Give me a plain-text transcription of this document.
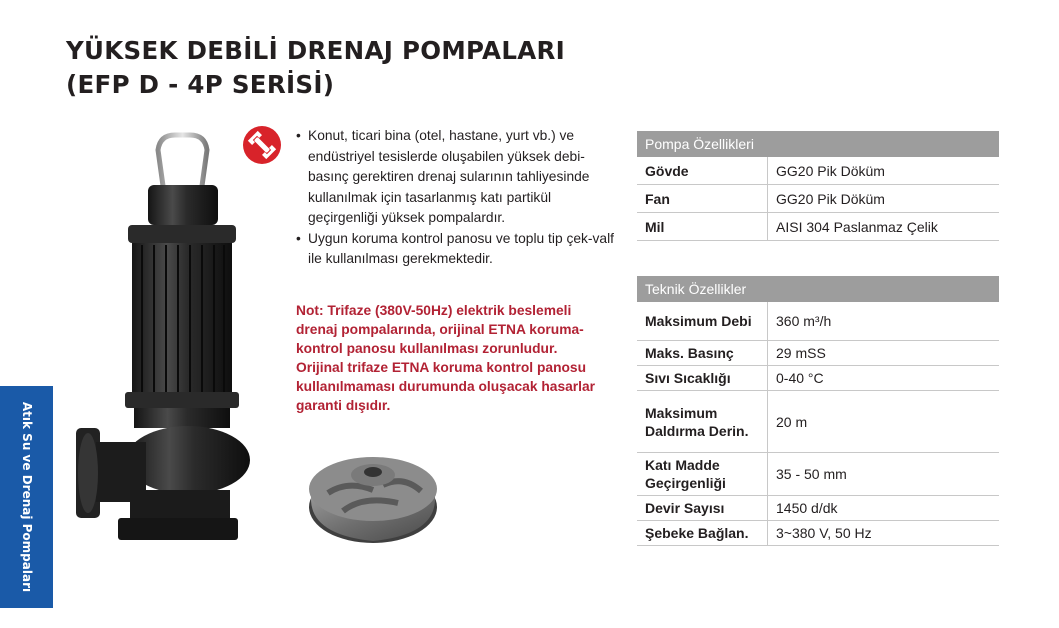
YÜKSEK DEBİLİ DRENAJ POMPALARI
(EFP D - 4P SERİSİ)
Atık Su ve Drenaj Pompaları
• Konut, ticari bina (otel, hastane, yurt vb.) ve endüstriyel tesislerde oluşabilen yüksek debi-basınç gerektiren drenaj sularının tahliyesinde kullanılmak için tasarlanmış katı partikül geçirgenliği yüksek pompalardır.
• Uygun koruma kontrol panosu ve toplu tip çek-valf ile kullanılması gerekmektedir.

Not: Trifaze (380V-50Hz) elektrik beslemeli drenaj pompalarında, orijinal ETNA koruma-kontrol panosu kullanılması zorunludur. Orijinal trifaze ETNA koruma kontrol panosu kullanılmaması durumunda oluşacak hasarlar garanti dışıdır.

Pompa Özellikleri	
Gövde	GG20 Pik Döküm
Fan	GG20 Pik Döküm
Mil	AISI 304 Paslanmaz Çelik
Teknik Özellikler	
Maksimum Debi	360 m³/h
Maks. Basınç	29 mSS
Sıvı Sıcaklığı	0-40 °C
Maksimum Daldırma Derin.	20 m
Katı Madde Geçirgenliği	35 - 50 mm
Devir Sayısı	1450 d/dk
Şebeke Bağlan.	3~380 V, 50 Hz
